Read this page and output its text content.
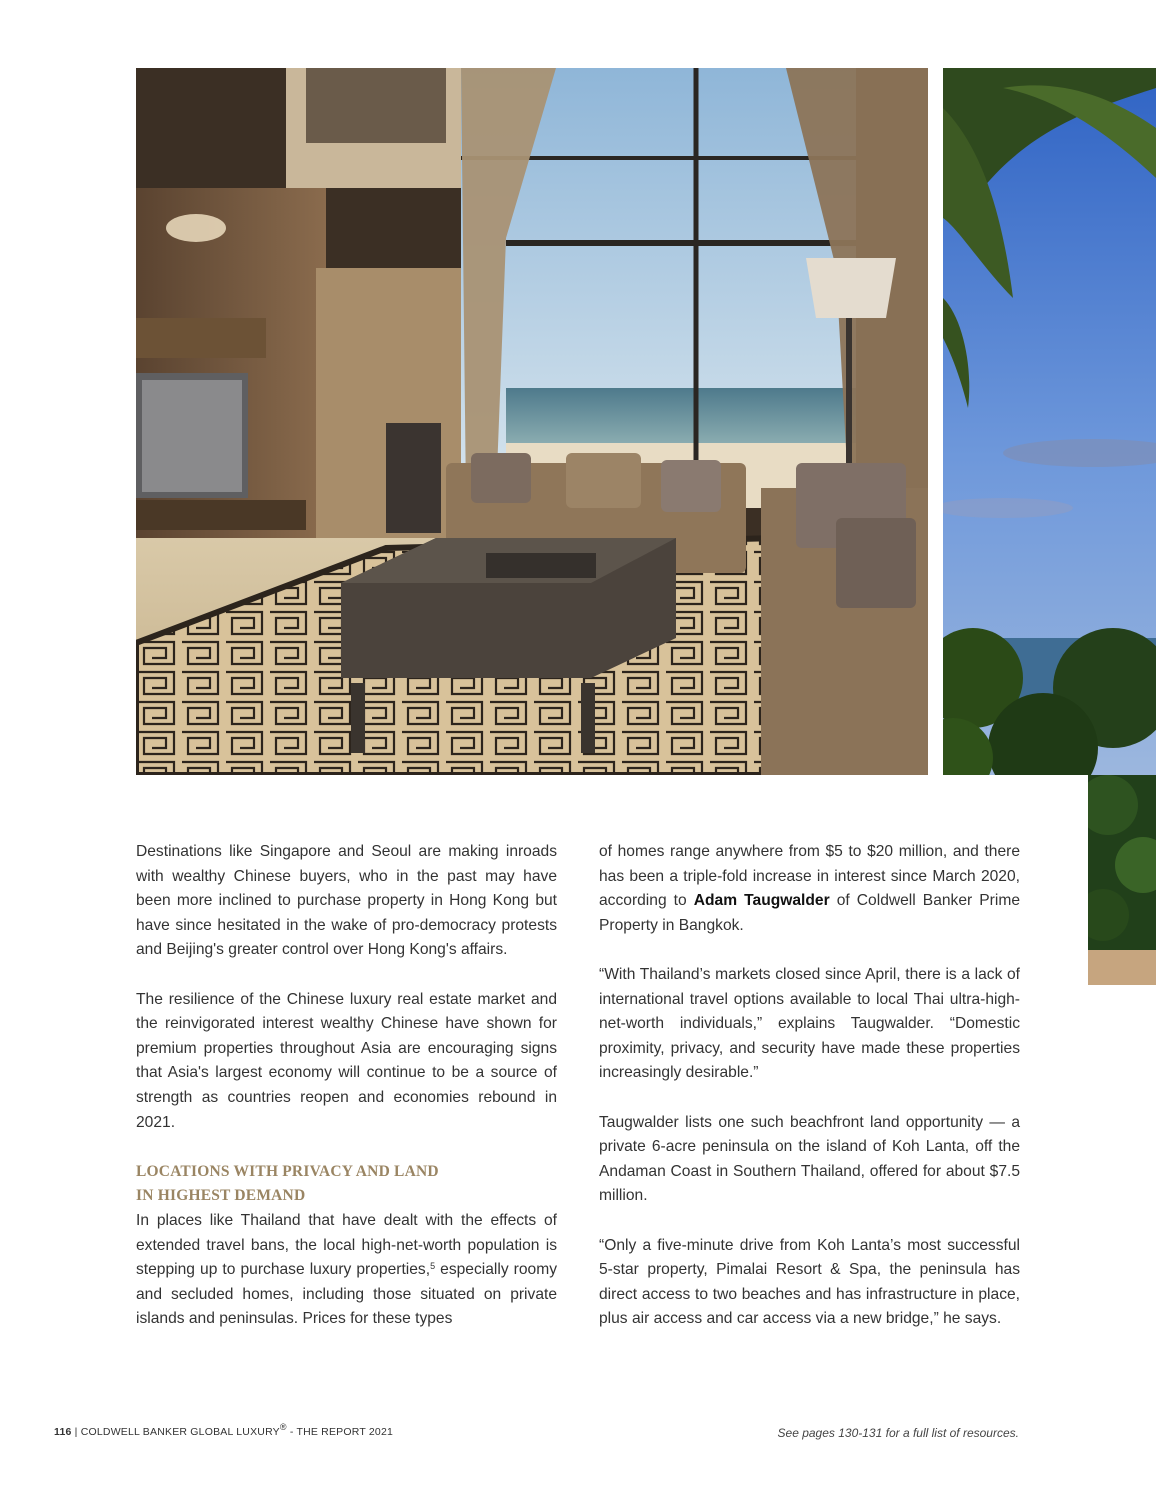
Destinations like Singapore and Seoul are making inroads with wealthy Chinese buyers, who in the past may have been more inclined to purchase property in Hong Kong but have since hesitated in the wake of pro-democracy protests and Beijing's greater control over Hong Kong's affairs.

The resilience of the Chinese luxury real estate market and the reinvigorated interest wealthy Chinese have shown for premium properties throughout Asia are encouraging signs that Asia's largest economy will continue to be a source of strength as countries reopen and economies rebound in 2021.

LOCATIONS WITH PRIVACY AND LAND
IN HIGHEST DEMAND

In places like Thailand that have dealt with the effects of extended travel bans, the local high-net-worth population is stepping up to purchase luxury properties,$^5$ especially roomy and secluded homes, including those situated on private islands and peninsulas. Prices for these types

of homes range anywhere from $5 to $20 million, and there has been a triple-fold increase in interest since March 2020, according to Adam Taugwalder of Coldwell Banker Prime Property in Bangkok.

“With Thailand’s markets closed since April, there is a lack of international travel options available to local Thai ultra-high-net-worth individuals,” explains Taugwalder. “Domestic proximity, privacy, and security have made these properties increasingly desirable.”

Taugwalder lists one such beachfront land opportunity — a private 6-acre peninsula on the island of Koh Lanta, off the Andaman Coast in Southern Thailand, offered for about $7.5 million.

“Only a five-minute drive from Koh Lanta’s most successful 5-star property, Pimalai Resort & Spa, the peninsula has direct access to two beaches and has infrastructure in place, plus air access and car access via a new bridge,” he says.

116 | COLDWELL BANKER GLOBAL LUXURY® - THE REPORT 2021	See pages 130-131 for a full list of resources.
